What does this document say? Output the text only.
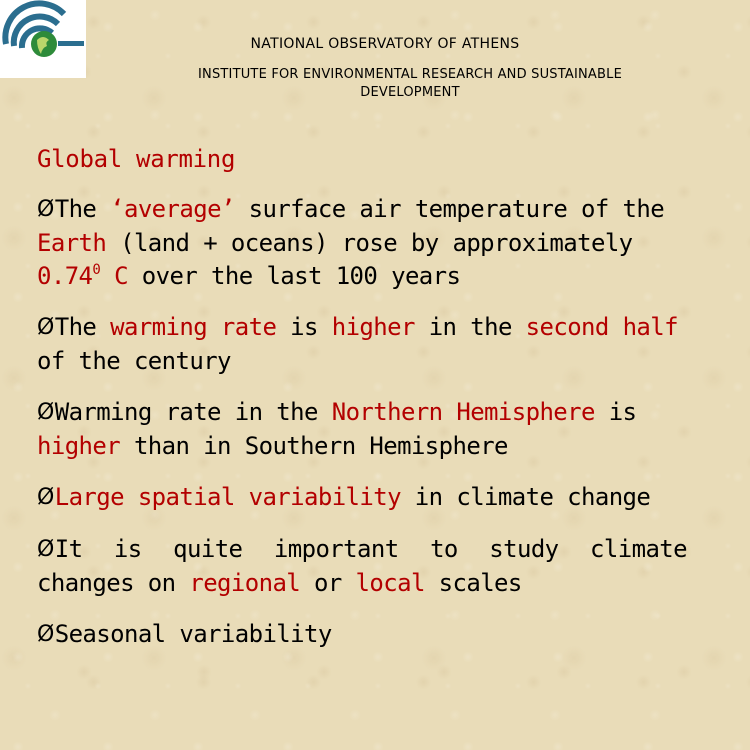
NATIONAL OBSERVATORY OF ATHENS
INSTITUTE FOR ENVIRONMENTAL RESEARCH AND SUSTAINABLE
DEVELOPMENT
Global warming

ØThe ‘average’ surface air temperature of the Earth (land + oceans) rose by approximately 0.74$^0$ C over the last 100 years

ØThe warming rate is higher in the second half of the century

ØWarming rate in the Northern Hemisphere is higher than in Southern Hemisphere

ØLarge spatial variability in climate change

ØIt is quite important to study climate changes on regional or local scales

ØSeasonal variability
